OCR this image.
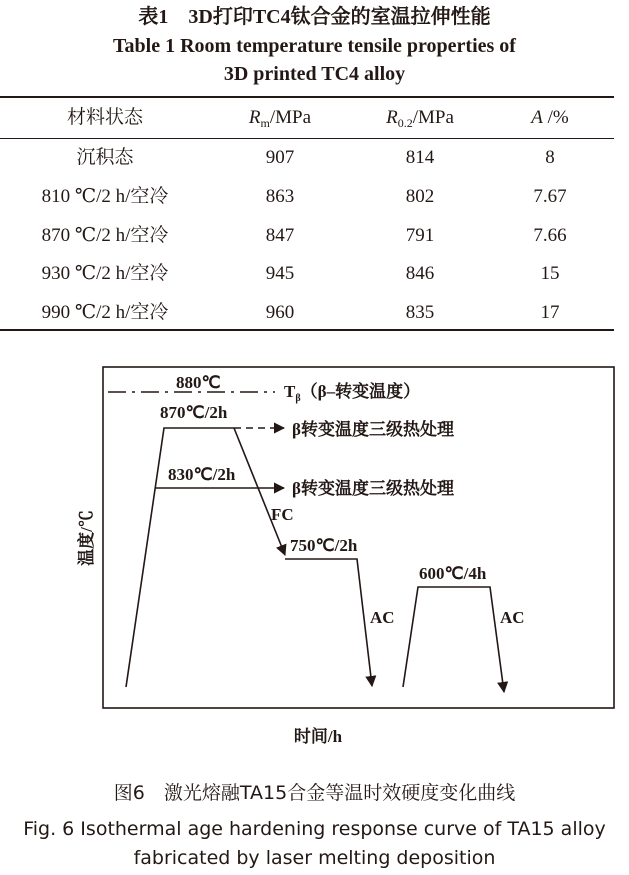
表1　3D打印TC4钛合金的室温拉伸性能
Table 1 Room temperature tensile properties of
3D printed TC4 alloy
材料状态	$R_m$/MPa	$R_{0.2}$/MPa	A /%
沉积态	907	814	8
810 ℃/2 h/空冷	863	802	7.67
870 ℃/2 h/空冷	847	791	7.66
930 ℃/2 h/空冷	945	846	15
990 ℃/2 h/空冷	960	835	17
880℃	$T_\beta(\beta-$转变温度）
870℃/2h
β转变温度三级热处理
830℃/2h
β转变温度三级热处理
FC
750℃/2h
600℃/4h
AC	AC
温度/℃
时间/h
图6　激光熔融TA15合金等温时效硬度变化曲线
Fig. 6 Isothermal age hardening response curve of TA15 alloy
fabricated by laser melting deposition
